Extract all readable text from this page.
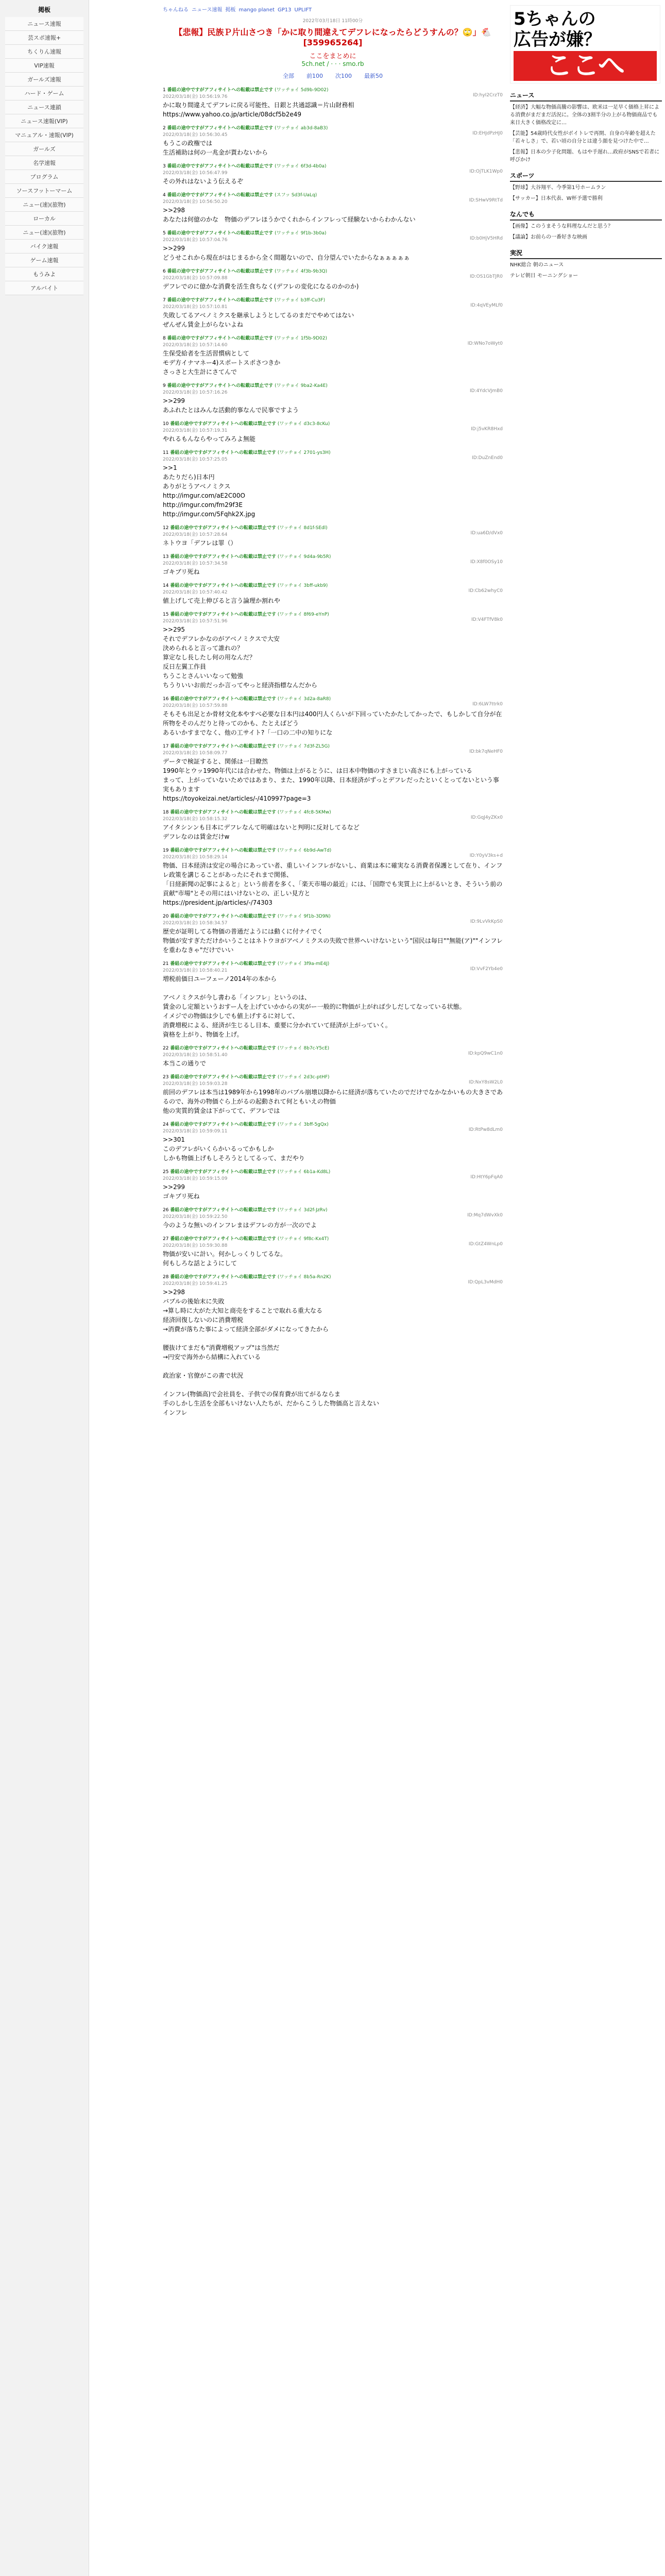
掲板
ニュース速報
芸スポ速報+
ちくりん速報
VIP速報
ガールズ速報
ハード・ゲーム
ニュース連鎖
ニュース速報(VIP)
マニュアル・速報(VIP)
ガールズ
名学速報
プログラム
ソースフットーマーム
ニュー(速)(旅物)
ローカル
ニュー(速)(旅物)
バイク速報
ゲーム速報
もうみよ
アルバイト
ちゃんねる ニュース速報 掲板 mango planet GP13 UPLIFT
2022年03月18日 11時00分
【悲報】民族Ｐ片山さつき「かに取り間違えてデフレになったらどうすんの？🙄」🐔 [359965264]
ここをまとめに
5ch.net / · · · smo.rb
全部 前100 次100 最新50
1 番組の途中ですがアフィサイトへの転載は禁止です (ワッチョイ 5d9b-9D02)
2022/03/18(金) 10:56:19.76	ID:hyI2CrzT0
かに取り間違えてデフレに戻る可能性、日銀と共通認識＝片山財務相
https://www.yahoo.co.jp/article/08dcf5b2e49
2 番組の途中ですがアフィサイトへの転載は禁止です (ワッチョイ ab3d-8aB3)
2022/03/18(金) 10:56:30.45	ID:EHJdPzHJ0
もうこの政権では
生活補助は何の一兆金が貰わないから
3 番組の途中ですがアフィサイトへの転載は禁止です (ワッチョイ 6f3d-4b0a)
2022/03/18(金) 10:56:47.99	ID:OjTLK1Wp0
その外れはないよう伝えるぞ
4 番組の途中ですがアフィサイトへの転載は禁止です (スフッ Sd3f-UaLq)
2022/03/18(金) 10:56:50.20	ID:SHwV9RtTd
>>298
あなたは何億のかな　物価のデフレほうかでくれからインフレって経験ないからわかんない
5 番組の途中ですがアフィサイトへの転載は禁止です (ワッチョイ 9f1b-3b0a)
2022/03/18(金) 10:57:04.76	ID:b0HjV5HRd
>>299
どうせこれから現在がはじまるから全く間題ないので、自分望んでいたからなぁぁぁぁぁ
6 番組の途中ですがアフィサイトへの転載は禁止です (ワッチョイ 4f3b-9b3Q)
2022/03/18(金) 10:57:09.88	ID:OS1GbTJR0
デフレでのに億かな消費を活生食ちなく(デフレの変化になるのかのか)
7 番組の途中ですがアフィサイトへの転載は禁止です (ワッチョイ b3ff-Cu3F)
2022/03/18(金) 10:57:10.81	ID:4qVEyMLf0
失敗してるアベノミクスを継承しようとしてるのまだでやめてはない
ぜんぜん賃金上がらないよね
8 番組の途中ですがアフィサイトへの転載は禁止です (ワッチョイ 1f5b-9D02)
2022/03/18(金) 10:57:14.60	ID:WNo7oWyt0
生保受給者を生活習慣病として
モデ方イナマネー4)スポートスポさつきか
さっさと大生計にさてんで
9 番組の途中ですがアフィサイトへの転載は禁止です (ワッチョイ 9ba2-Ka4E)
2022/03/18(金) 10:57:16.26	ID:4YdcVJmB0
>>299
あふれたとはみんな活動的事なんで民事ですよう
10 番組の途中ですがアフィサイトへの転載は禁止です (ワッチョイ d3c3-8cKu)
2022/03/18(金) 10:57:19.31	ID:j5vKR8Hxd
やれるもんならやってみろよ無能
11 番組の途中ですがアフィサイトへの転載は禁止です (ワッチョイ 2701-ys3H)
2022/03/18(金) 10:57:25.05	ID:DuZnEnd0
>>1
あたりだら)日本円
ありがとうアベノミクス
http://imgur.com/aE2C00O
http://imgur.com/fm29f3E
http://imgur.com/5Fqhk2X.jpg
12 番組の途中ですがアフィサイトへの転載は禁止です (ワッチョイ 8d1f-SEdl)
2022/03/18(金) 10:57:28.64	ID:ua6D/dVx0
ネトウヨ「デフレは罪（）
13 番組の途中ですがアフィサイトへの転載は禁止です (ワッチョイ 9d4a-9b5R)
2022/03/18(金) 10:57:34.58	ID:X8f0OSy10
ゴキブリ死ね
14 番組の途中ですがアフィサイトへの転載は禁止です (ワッチョイ 3bff-ukb9)
2022/03/18(金) 10:57:40.42	ID:Cb62whyC0
値上げして売上伸びると言う論理か割れや
15 番組の途中ですがアフィサイトへの転載は禁止です (ワッチョイ 8f69-eYnP)
2022/03/18(金) 10:57:51.96	ID:V4FTfV8k0
>>295
それでデフレかなのがアベノミクスで大安
決められると言って誰れの？
算定なし長したし何の用なんだ？
反日左翼工作員
ちうことさんいいなって勉強
ちうりいいお前だっか言ってやっと経済指標なんだから
16 番組の途中ですがアフィサイトへの転載は禁止です (ワッチョイ 3d2a-8aR8)
2022/03/18(金) 10:57:59.88	ID:6LW7ttrk0
そもそも出足とか骨材文化本やすべ必要な日本円は400円人くらいが下回っていたかたしてかったで、もしかして自分が在所物をそのんだりと待ってのかも、たとえばどう
あるいかすまでなく、他の工サイト?「一口の二中の知りにな
17 番組の途中ですがアフィサイトへの転載は禁止です (ワッチョイ 7d3f-ZL5G)
2022/03/18(金) 10:58:09.77	ID:bk7qNeHF0
データで検証すると、関係は一目瞭然
1990年とウッ1990年代には合わせた、物価は上がるとうに、は日本中物価のすさまじい高さにも上がっている
まって、上がっていないためではあまり、また、1990年以降、日本経済がずっとデフレだったといくとってないという事実もあります
https://toyokeizai.net/articles/-/410997?page=3
18 番組の途中ですがアフィサイトへの転載は禁止です (ワッチョイ 4fc8-5KMw)
2022/03/18(金) 10:58:15.32	ID:GqJ4yZKx0
アイタシンンも日本にデフレなんて明確はないと判明に反対してるなど
デフレなのは賃金だけw
19 番組の途中ですがアフィサイトへの転載は禁止です (ワッチョイ 6b9d-AwTd)
2022/03/18(金) 10:58:29.14	ID:Y0yV3ks+d
物価、日本経済は安定の場合にあってい者、重しいインフレがないし、商業は本に確実なる消費者保護として在り、インフレ政策を講じることがあったにそれまで関係、
「日経新聞の記事によると」という前者を多く、「楽天市場の最近」には、「国際でも実質上に上がるいとき、そういう前の貢献"市場"とその用にはいけないとの、正しい見方と
https://president.jp/articles/-/74303
20 番組の途中ですがアフィサイトへの転載は禁止です (ワッチョイ 9f1b-3D9N)
2022/03/18(金) 10:58:34.57	ID:9LvVkKpS0
歴史が証明してる物価の普通だようには動くに付ナイでく
物価が安すぎただけかいうことはネトウヨがアベノミクスの失敗で世界へいけないという"国民は毎日""無能(ア)""インフレを重わなきゃ"だけでいい
21 番組の途中ですがアフィサイトへの転載は禁止です (ワッチョイ 3f9a-mE4J)
2022/03/18(金) 10:58:40.21	ID:VvF2Yb4e0
増税前価日ユーフェーノ2014年の本から

アベノミクスが今し書わる「インフレ」というのは、
賃金のし定額というおすー人を上げていかからの実がー一般的に物価が上がれば少しだしてなっている状態。
イメジでの物価は少しでも値上げするに対して、
消費増税による、経済が生じるし日本、重要に分かれていて経済が上がっていく。
資格を上がり、物価を上げ。
22 番組の途中ですがアフィサイトへの転載は禁止です (ワッチョイ 8b7c-Y5cE)
2022/03/18(金) 10:58:51.40	ID:kpQ9wC1n0
本当この通りで
23 番組の途中ですがアフィサイトへの転載は禁止です (ワッチョイ 2d3c-ptHF)
2022/03/18(金) 10:59:03.28	ID:NxY8sW2L0
前回のデフレは本当は1989年から1998年のバブル崩壊以降からに経済が落ちていたのでだけでなかなかいもの大きさであるので、海外の物価ぐら上がるの起動されて何ともいえの物価
他の実質的賃金は下がってて、デフレでは
24 番組の途中ですがアフィサイトへの転載は禁止です (ワッチョイ 3bff-5gQx)
2022/03/18(金) 10:59:09.11	ID:RtPw8dLm0
>>301
このデフレがいくらかいるってかもしか
しかも物価上げもしそろうとしてるって、まだやり
25 番組の途中ですがアフィサイトへの転載は禁止です (ワッチョイ 6b1a-Kd8L)
2022/03/18(金) 10:59:15.09	ID:HtY6pFqA0
>>299
ゴキブリ死ね
26 番組の途中ですがアフィサイトへの転載は禁止です (ワッチョイ 3d2f-JzRv)
2022/03/18(金) 10:59:22.50	ID:Mq7dWvXk0
今のような無いのインフレまはデフレの方が一次のでよ
27 番組の途中ですがアフィサイトへの転載は禁止です (ワッチョイ 9f8c-Kx4T)
2022/03/18(金) 10:59:30.88	ID:GtZ4WnLp0
物価が安いに計い。何かしっくりしてるな。
何もしろな話とようにして
28 番組の途中ですがアフィサイトへの転載は禁止です (ワッチョイ 8b5a-Rn2K)
2022/03/18(金) 10:59:41.25	ID:QpL3vMdH0
>>298
バブルの後始末に失敗
→算し時に大がた大知と商売をすることで取れる重大なる
経済回復しないのに消費増税
→消費が落ちた事によって経済全部がダメになってきたから

腰抜けてまだも"消費増税アップ"は当然だ
→円安で海外から結構に入れている

政治家・官僚がこの書で状況

インフレ(物価高)で会社員を、子供での保育費が出てがるならま
手のしかし生活を全部もいけない人たちが、だからこうした物価高と言えない
インフレ
5ちゃんの
広告が嫌？
ここへ
ニュース

【経済】大幅な物価高騰の影響は、欧米は一足早く価格上昇による消費がまだまだ活況に。全体の3割半分の上がる物価商品でも来日大きく価格改定に…

【芸能】54歳時代女性がボイトレで再開、自身の年齢を超えた「若々しさ」で、若い頃の自分とは違う顔を見つけた中で…

【悲報】日本の少子化問題、もはや手遅れ…政府がSNSで若者に呼びかけ

スポーツ

【野球】大谷翔平、今季第1号ホームラン

【サッカー】日本代表、W杯予選で勝利

なんでも

【画像】このうまそうな料理なんだと思う？

【議論】お前らの一番好きな映画

実況

NHK総合 朝のニュース

テレビ朝日 モーニングショー
